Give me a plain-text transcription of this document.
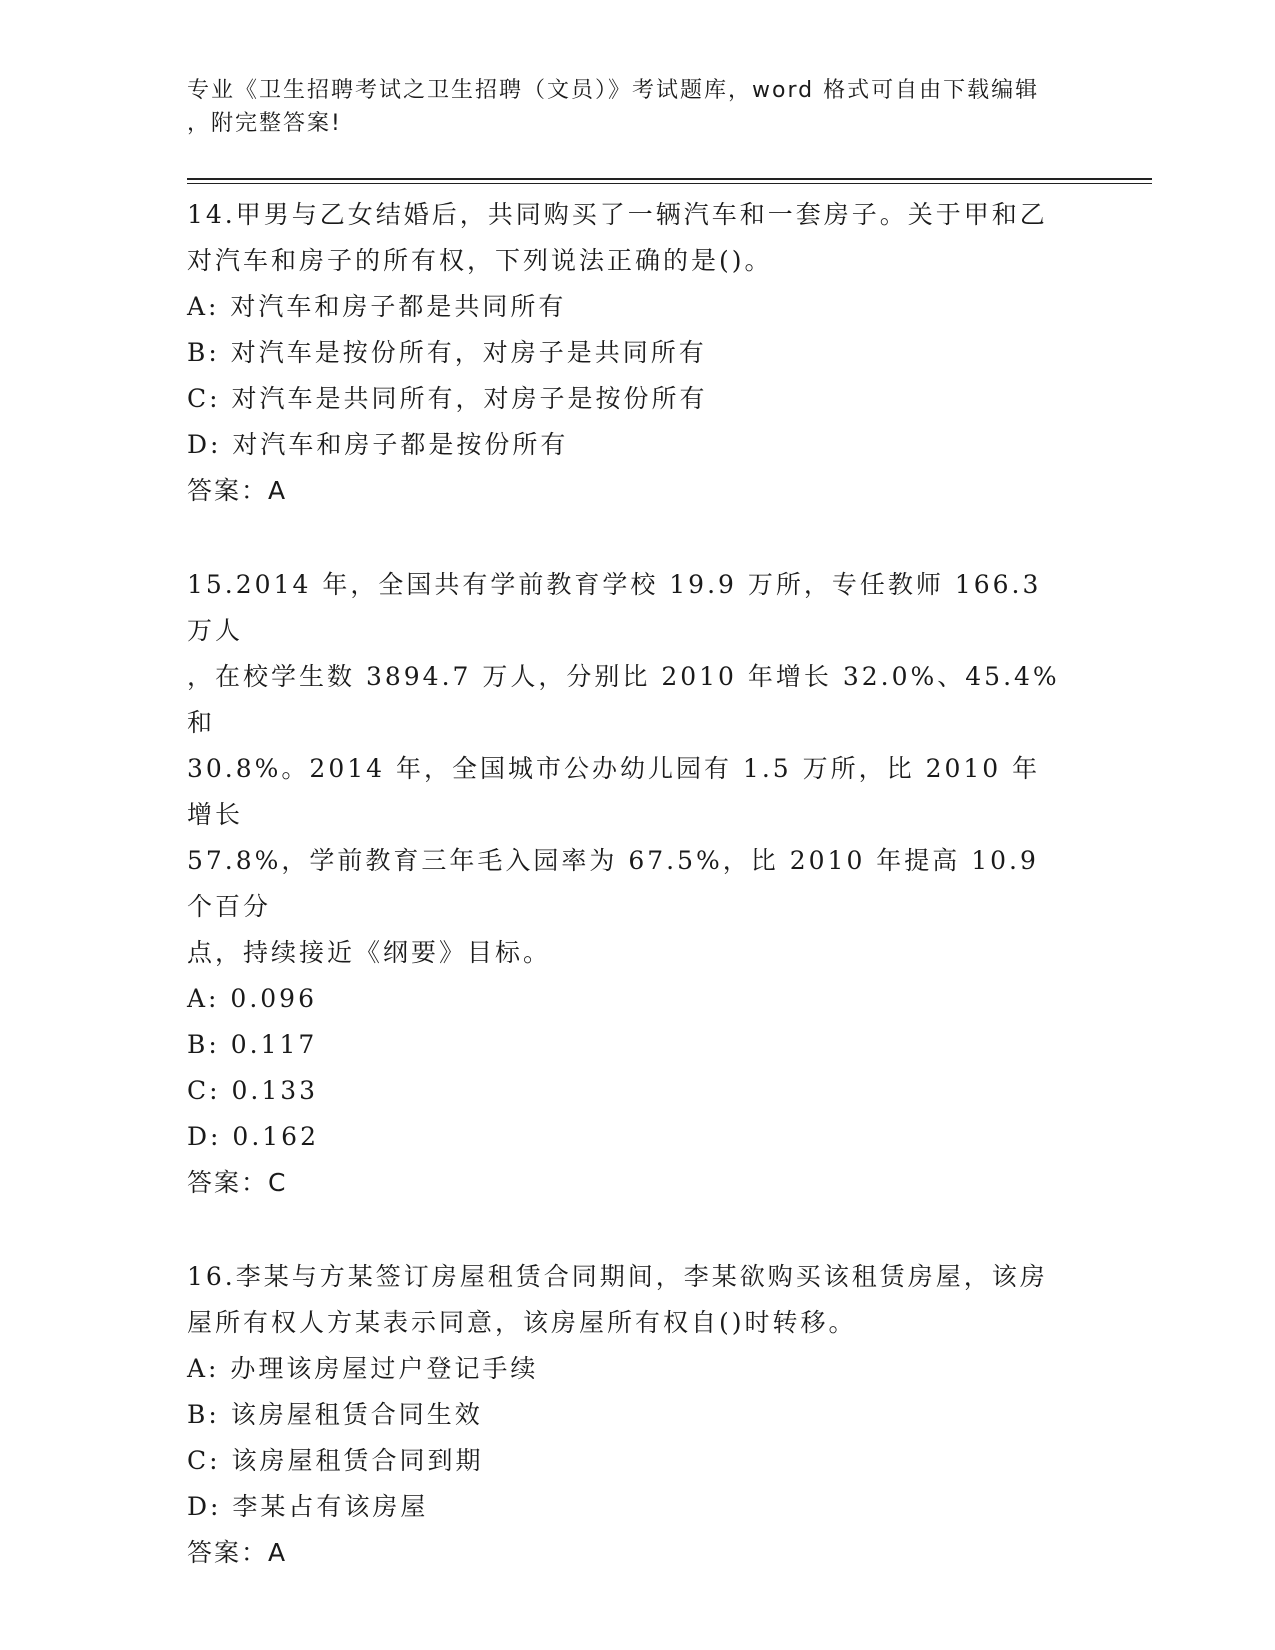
专业《卫生招聘考试之卫生招聘（文员）》考试题库，word 格式可自由下载编辑
，附完整答案!

14.甲男与乙女结婚后，共同购买了一辆汽车和一套房子。关于甲和乙

对汽车和房子的所有权，下列说法正确的是()。

A: 对汽车和房子都是共同所有

B: 对汽车是按份所有，对房子是共同所有

C: 对汽车是共同所有，对房子是按份所有

D: 对汽车和房子都是按份所有

答案：A

15.2014 年，全国共有学前教育学校 19.9 万所，专任教师 166.3 万人

，在校学生数 3894.7 万人，分别比 2010 年增长 32.0%、45.4%和

30.8%。2014 年，全国城市公办幼儿园有 1.5 万所，比 2010 年增长

57.8%，学前教育三年毛入园率为 67.5%，比 2010 年提高 10.9 个百分

点，持续接近《纲要》目标。

A: 0.096

B: 0.117

C: 0.133

D: 0.162

答案：C

16.李某与方某签订房屋租赁合同期间，李某欲购买该租赁房屋，该房

屋所有权人方某表示同意，该房屋所有权自()时转移。

A: 办理该房屋过户登记手续

B: 该房屋租赁合同生效

C: 该房屋租赁合同到期

D: 李某占有该房屋

答案：A
